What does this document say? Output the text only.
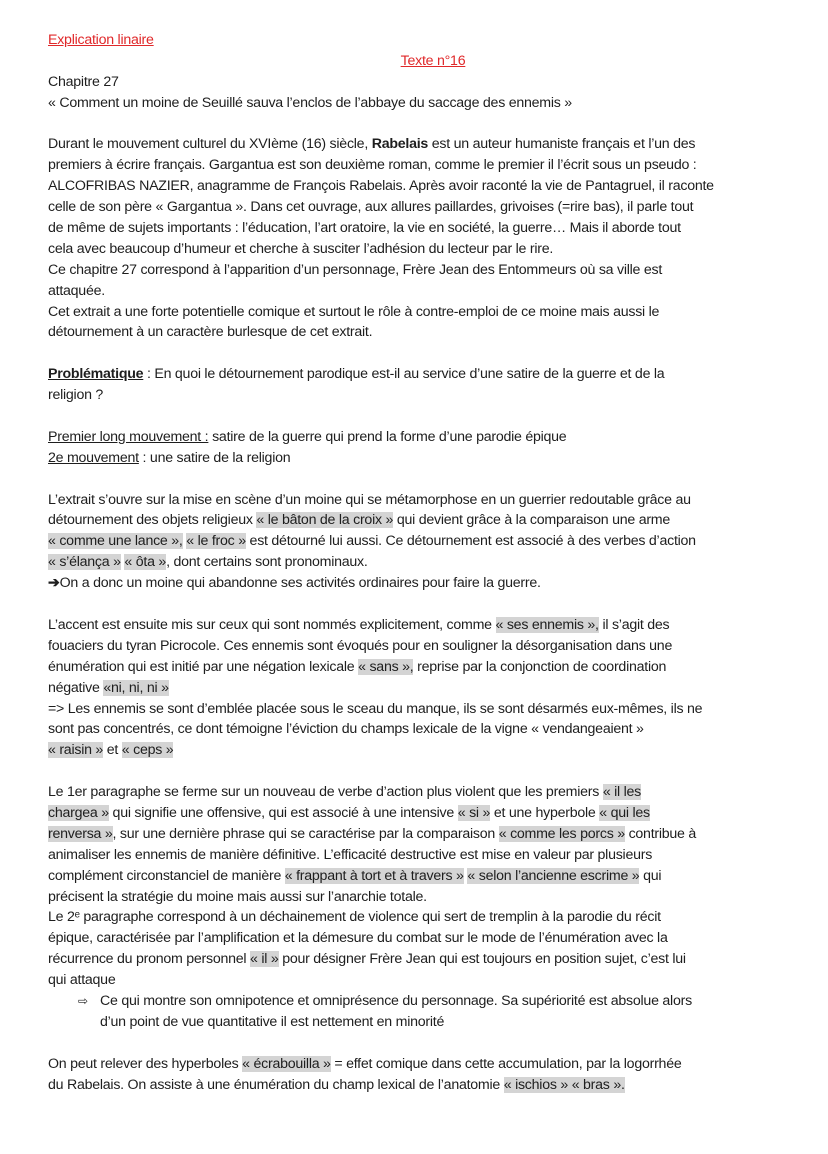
Explication linaire
Texte n°16
Chapitre 27
« Comment un moine de Seuillé sauva l’enclos de l’abbaye du saccage des ennemis »
Durant le mouvement culturel du XVIème (16) siècle, Rabelais est un auteur humaniste français et l’un des
premiers à écrire français. Gargantua est son deuxième roman, comme le premier il l’écrit sous un pseudo :
ALCOFRIBAS NAZIER, anagramme de François Rabelais. Après avoir raconté la vie de Pantagruel, il raconte
celle de son père « Gargantua ». Dans cet ouvrage, aux allures paillardes, grivoises (=rire bas), il parle tout
de même de sujets importants : l’éducation, l’art oratoire, la vie en société, la guerre… Mais il aborde tout
cela avec beaucoup d’humeur et cherche à susciter l’adhésion du lecteur par le rire.
Ce chapitre 27 correspond à l’apparition d’un personnage, Frère Jean des Entommeurs où sa ville est
attaquée.
Cet extrait a une forte potentielle comique et surtout le rôle à contre-emploi de ce moine mais aussi le
détournement à un caractère burlesque de cet extrait.
Problématique : En quoi le détournement parodique est-il au service d’une satire de la guerre et de la
religion ?
Premier long mouvement : satire de la guerre qui prend la forme d’une parodie épique
2e mouvement : une satire de la religion
L’extrait s’ouvre sur la mise en scène d’un moine qui se métamorphose en un guerrier redoutable grâce au
détournement des objets religieux « le bâton de la croix » qui devient grâce à la comparaison une arme
« comme une lance », « le froc » est détourné lui aussi. Ce détournement est associé à des verbes d’action
« s’élança » « ôta », dont certains sont pronominaux.
➔On a donc un moine qui abandonne ses activités ordinaires pour faire la guerre.
L’accent est ensuite mis sur ceux qui sont nommés explicitement, comme « ses ennemis », il s’agit des
fouaciers du tyran Picrocole. Ces ennemis sont évoqués pour en souligner la désorganisation dans une
énumération qui est initié par une négation lexicale « sans », reprise par la conjonction de coordination
négative «ni, ni, ni »
=> Les ennemis se sont d’emblée placée sous le sceau du manque, ils se sont désarmés eux-mêmes, ils ne
sont pas concentrés, ce dont témoigne l’éviction du champs lexicale de la vigne « vendangeaient »
« raisin » et « ceps »
Le 1er paragraphe se ferme sur un nouveau de verbe d’action plus violent que les premiers « il les
chargea » qui signifie une offensive, qui est associé à une intensive « si » et une hyperbole « qui les
renversa », sur une dernière phrase qui se caractérise par la comparaison « comme les porcs » contribue à
animaliser les ennemis de manière définitive. L’efficacité destructive est mise en valeur par plusieurs
complément circonstanciel de manière « frappant à tort et à travers » « selon l’ancienne escrime » qui
précisent la stratégie du moine mais aussi sur l’anarchie totale.
Le 2ᵉ paragraphe correspond à un déchainement de violence qui sert de tremplin à la parodie du récit
épique, caractérisée par l’amplification et la démesure du combat sur le mode de l’énumération avec la
récurrence du pronom personnel « il » pour désigner Frère Jean qui est toujours en position sujet, c’est lui
qui attaque
⇨ Ce qui montre son omnipotence et omniprésence du personnage. Sa supériorité est absolue alors
d’un point de vue quantitative il est nettement en minorité
On peut relever des hyperboles « écrabouilla » = effet comique dans cette accumulation, par la logorrhée
du Rabelais. On assiste à une énumération du champ lexical de l’anatomie « ischios » « bras ».
